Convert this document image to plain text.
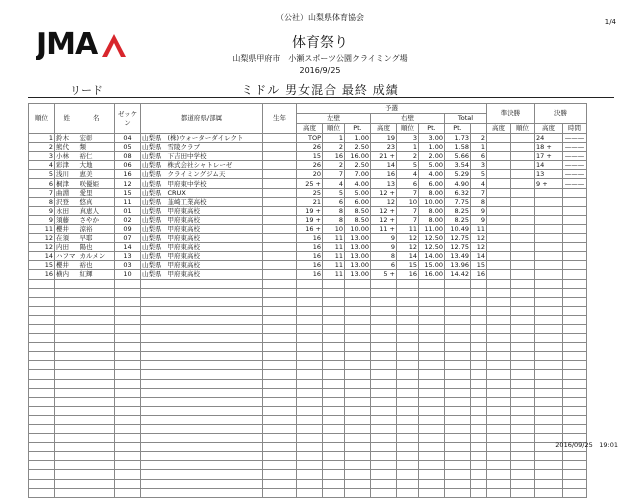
（公社）山梨県体育協会	1/4
JMA	体育祭り
山梨県甲府市　小瀬スポーツ公園クライミング場
2016/9/25
リード	ミドル 男女混合 最終 成績
順位	姓	名	ゼッケン	都道府県/部属		生年	予選								準決勝		決勝	
							左壁			右壁			Total					
							高度	順位	Pt.	高度	順位	Pt.	Pt.		高度	順位	高度	時間
1	鈴木	宏彰	04	山梨県	(株)ウォーターダイレクト		TOP	1	1.00	19	3	3.00	1.73	2			24	———
2	熊代	類	05	山梨県	雪陵クラブ		26	2	2.50	23	1	1.00	1.58	1			18 +	———
3	小林	裕仁	08	山梨県	下吉田中学校		15	16	16.00	21 +	2	2.00	5.66	6			17 +	———
4	彩津	大地	06	山梨県	株式会社シャトレーゼ		26	2	2.50	14	5	5.00	3.54	3			14	———
5	浅川	恵美	16	山梨県	クライミングジム天		20	7	7.00	16	4	4.00	5.29	5			13	———
6	桐津	咲優姫	12	山梨県	甲府東中学校		25 +	4	4.00	13	6	6.00	4.90	4			9 +	———
7	曲淵	愛里	15	山梨県	CRUX		25	5	5.00	12 +	7	8.00	6.32	7				
8	沢登	悠真	11	山梨県	韮崎工業高校		21	6	6.00	12	10	10.00	7.75	8				
9	永田	真恵人	01	山梨県	甲府東高校		19 +	8	8.50	12 +	7	8.00	8.25	9				
9	須藤	さやか	02	山梨県	甲府東高校		19 +	8	8.50	12 +	7	8.00	8.25	9				
11	櫻井	涼裕	09	山梨県	甲府東高校		16 +	10	10.00	11 +	11	11.00	10.49	11				
12	在須	早耶	07	山梨県	甲府東高校		16	11	13.00	9	12	12.50	12.75	12				
12	内田	陽也	14	山梨県	甲府東高校		16	11	13.00	9	12	12.50	12.75	12				
14	ハフマ	カルメン	13	山梨県	甲府東高校		16	11	13.00	8	14	14.00	13.49	14				
15	櫻井	裕也	03	山梨県	甲府東高校		16	11	13.00	6	15	15.00	13.96	15				
16	横内	紅輝	10	山梨県	甲府東高校		16	11	13.00	5 +	16	16.00	14.42	16				

2016/09/25　19:01
